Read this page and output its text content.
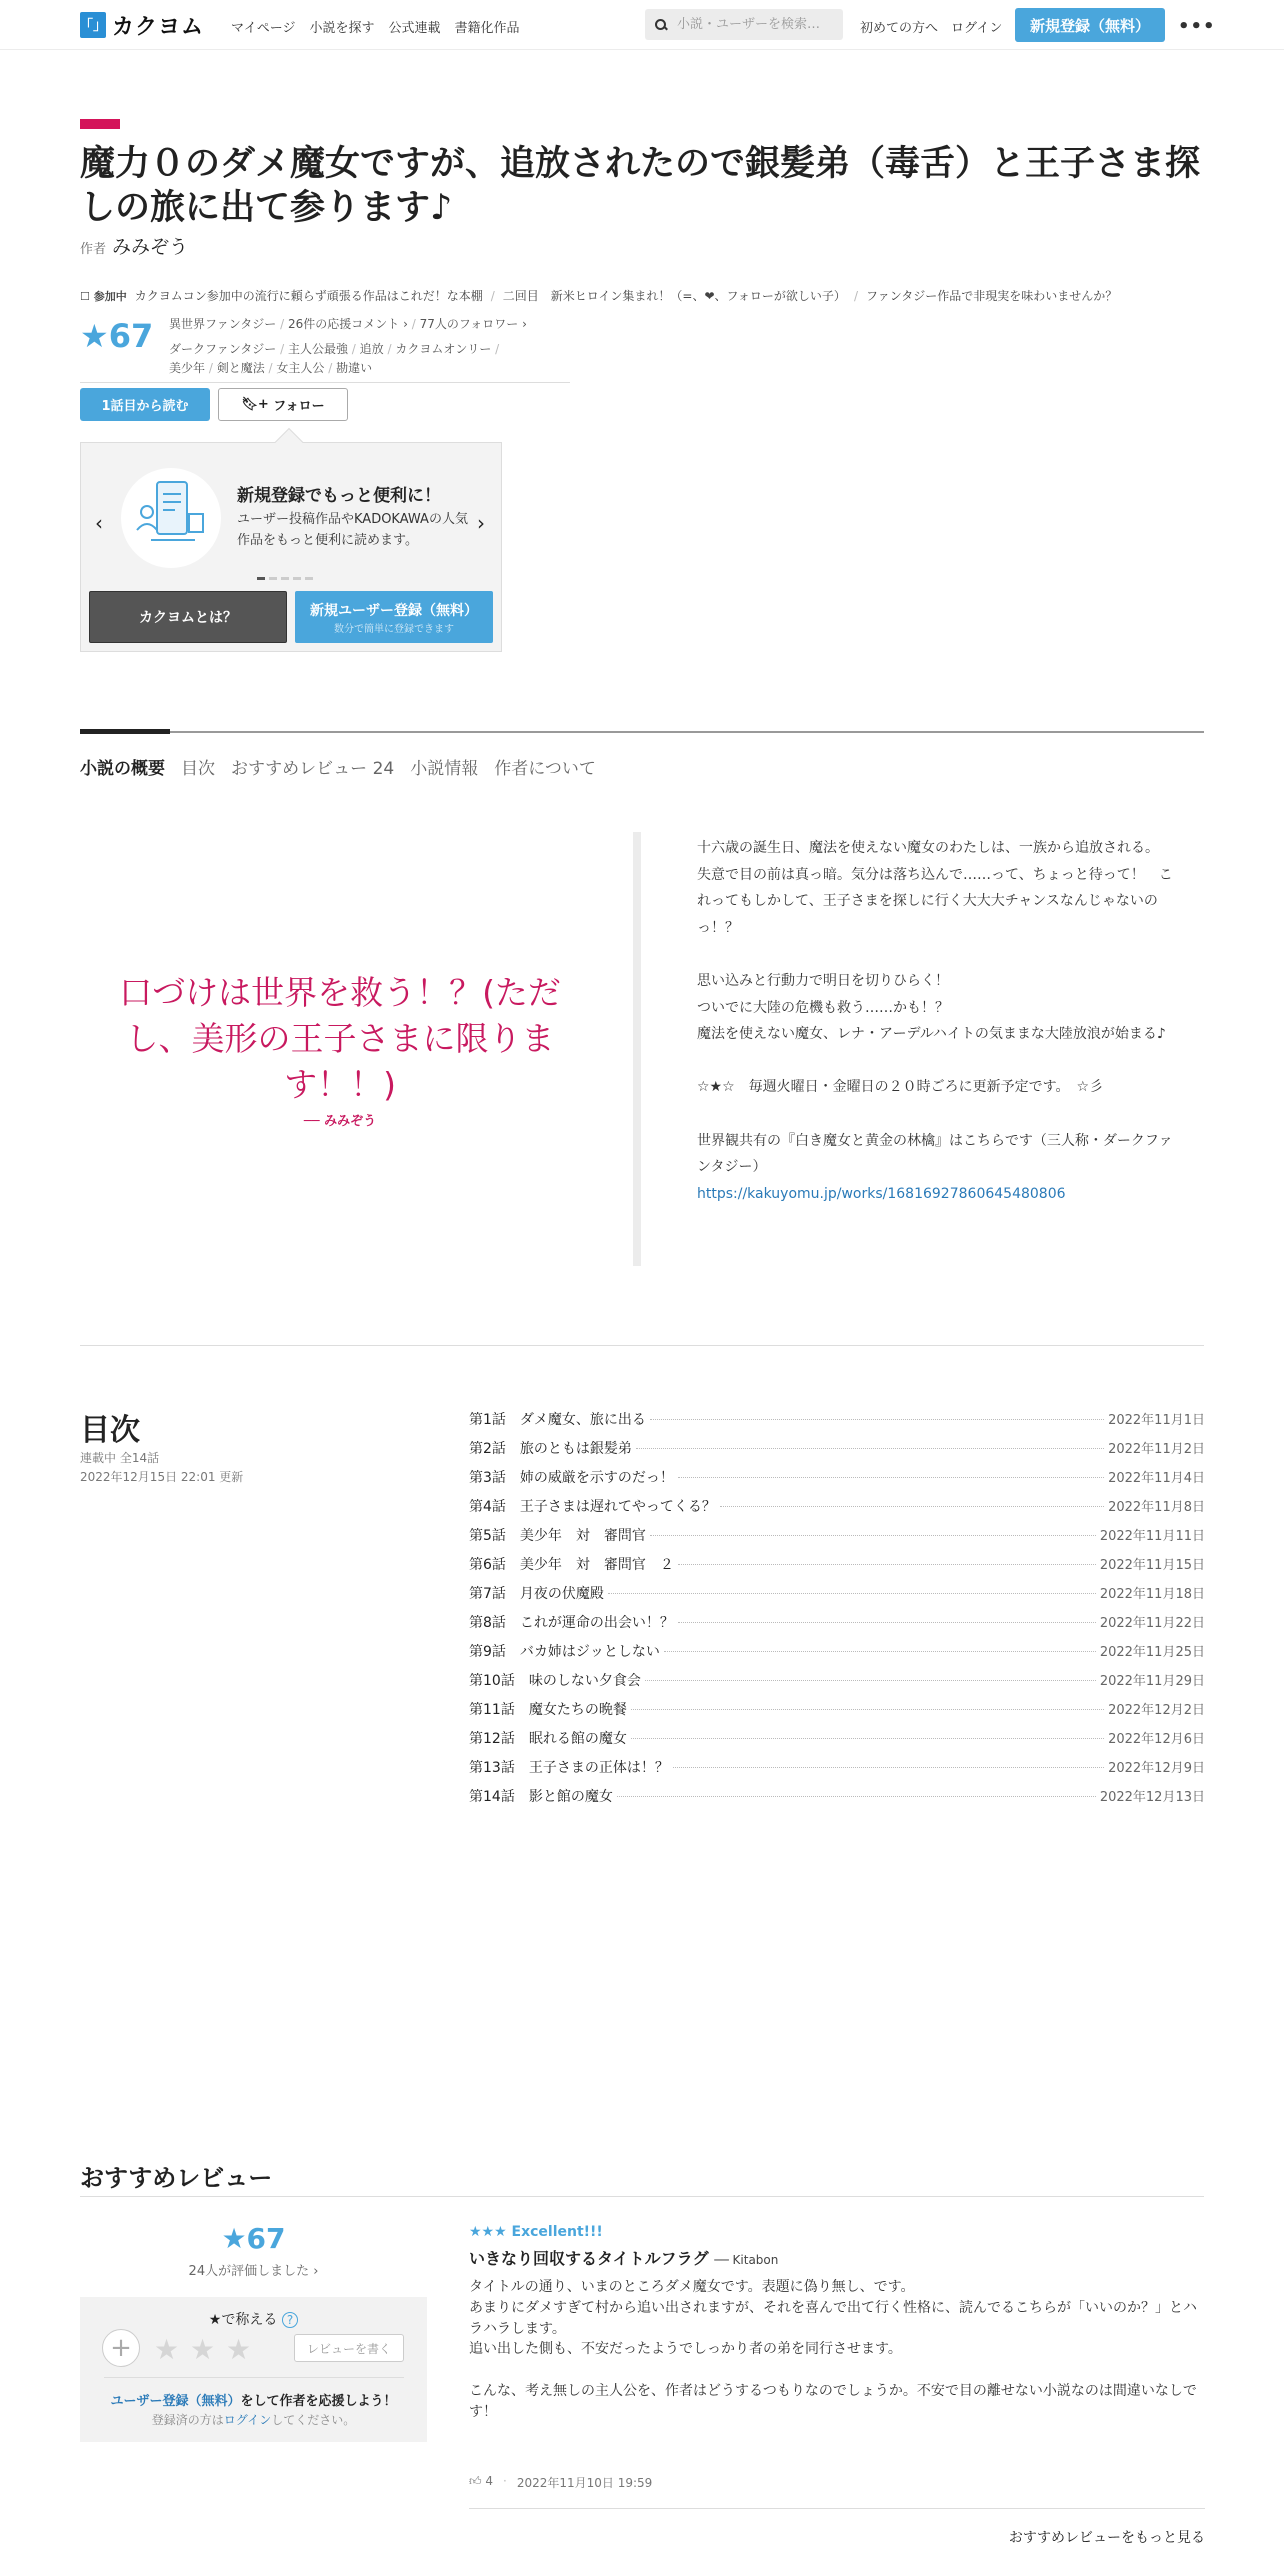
「」 カクヨム マイページ 小説を探す 公式連載 書籍化作品
小説・ユーザーを検索…	初めての方へ ログイン	新規登録（無料）	•••
魔力０のダメ魔女ですが、追放されたので銀髪弟（毒舌）と王子さま探しの旅に出て参ります♪
作者 みみぞう
☐ 参加中 カクヨムコン参加中の流行に頼らず頑張る作品はこれだ！な本棚 / 二回目　新米ヒロイン集まれ！（=、❤、フォローが欲しい子） / ファンタジー作品で非現実を味わいませんか？
★67 異世界ファンタジー / 26件の応援コメント › / 77人のフォロワー ›
ダークファンタジー / 主人公最強 / 追放 / カクヨムオンリー /
美少年 / 剣と魔法 / 女主人公 / 勘違い
1話目から読む	🔖︎+
フォロー
‹
新規登録でもっと便利に！
ユーザー投稿作品やKADOKAWAの人気作品をもっと便利に読めます。
›
カクヨムとは？	新規ユーザー登録（無料）
数分で簡単に登録できます
小説の概要 目次 おすすめレビュー 24 小説情報 作者について
口づけは世界を救う！？(ただし、美形の王子さまに限ります！！)
── みみぞう
十六歳の誕生日、魔法を使えない魔女のわたしは、一族から追放される。
失意で目の前は真っ暗。気分は落ち込んで……って、ちょっと待って！　これってもしかして、王子さまを探しに行く大大大チャンスなんじゃないのっ！？

思い込みと行動力で明日を切りひらく！
ついでに大陸の危機も救う……かも！？
魔法を使えない魔女、レナ・アーデルハイトの気ままな大陸放浪が始まる♪

☆★☆　毎週火曜日・金曜日の２０時ごろに更新予定です。　☆彡

世界観共有の『白き魔女と黄金の林檎』はこちらです（三人称・ダークファンタジー）
https://kakuyomu.jp/works/16816927860645480806
目次
連載中 全14話
2022年12月15日 22:01 更新
第1話　ダメ魔女、旅に出る	2022年11月1日
第2話　旅のともは銀髪弟	2022年11月2日
第3話　姉の威厳を示すのだっ！	2022年11月4日
第4話　王子さまは遅れてやってくる？	2022年11月8日
第5話　美少年　対　審問官	2022年11月11日
第6話　美少年　対　審問官　２	2022年11月15日
第7話　月夜の伏魔殿	2022年11月18日
第8話　これが運命の出会い！？	2022年11月22日
第9話　バカ姉はジッとしない	2022年11月25日
第10話　味のしない夕食会	2022年11月29日
第11話　魔女たちの晩餐	2022年12月2日
第12話　眠れる館の魔女	2022年12月6日
第13話　王子さまの正体は！？	2022年12月9日
第14話　影と館の魔女	2022年12月13日
おすすめレビュー
★67
24人が評価しました ›
★で称える ?
+ ★ ★ ★	レビューを書く
ユーザー登録（無料）をして作者を応援しよう！
登録済の方はログインしてください。
★★★ Excellent!!!
いきなり回収するタイトルフラグ ── Kitabon
タイトルの通り、いまのところダメ魔女です。表題に偽り無し、です。
あまりにダメすぎて村から追い出されますが、それを喜んで出て行く性格に、読んでるこちらが「いいのか？」とハラハラします。
追い出した側も、不安だったようでしっかり者の弟を同行させます。

こんな、考え無しの主人公を、作者はどうするつもりなのでしょうか。不安で目の離せない小説なのは間違いなしです！
👍︎ 4 · 2022年11月10日 19:59
おすすめレビューをもっと見る
